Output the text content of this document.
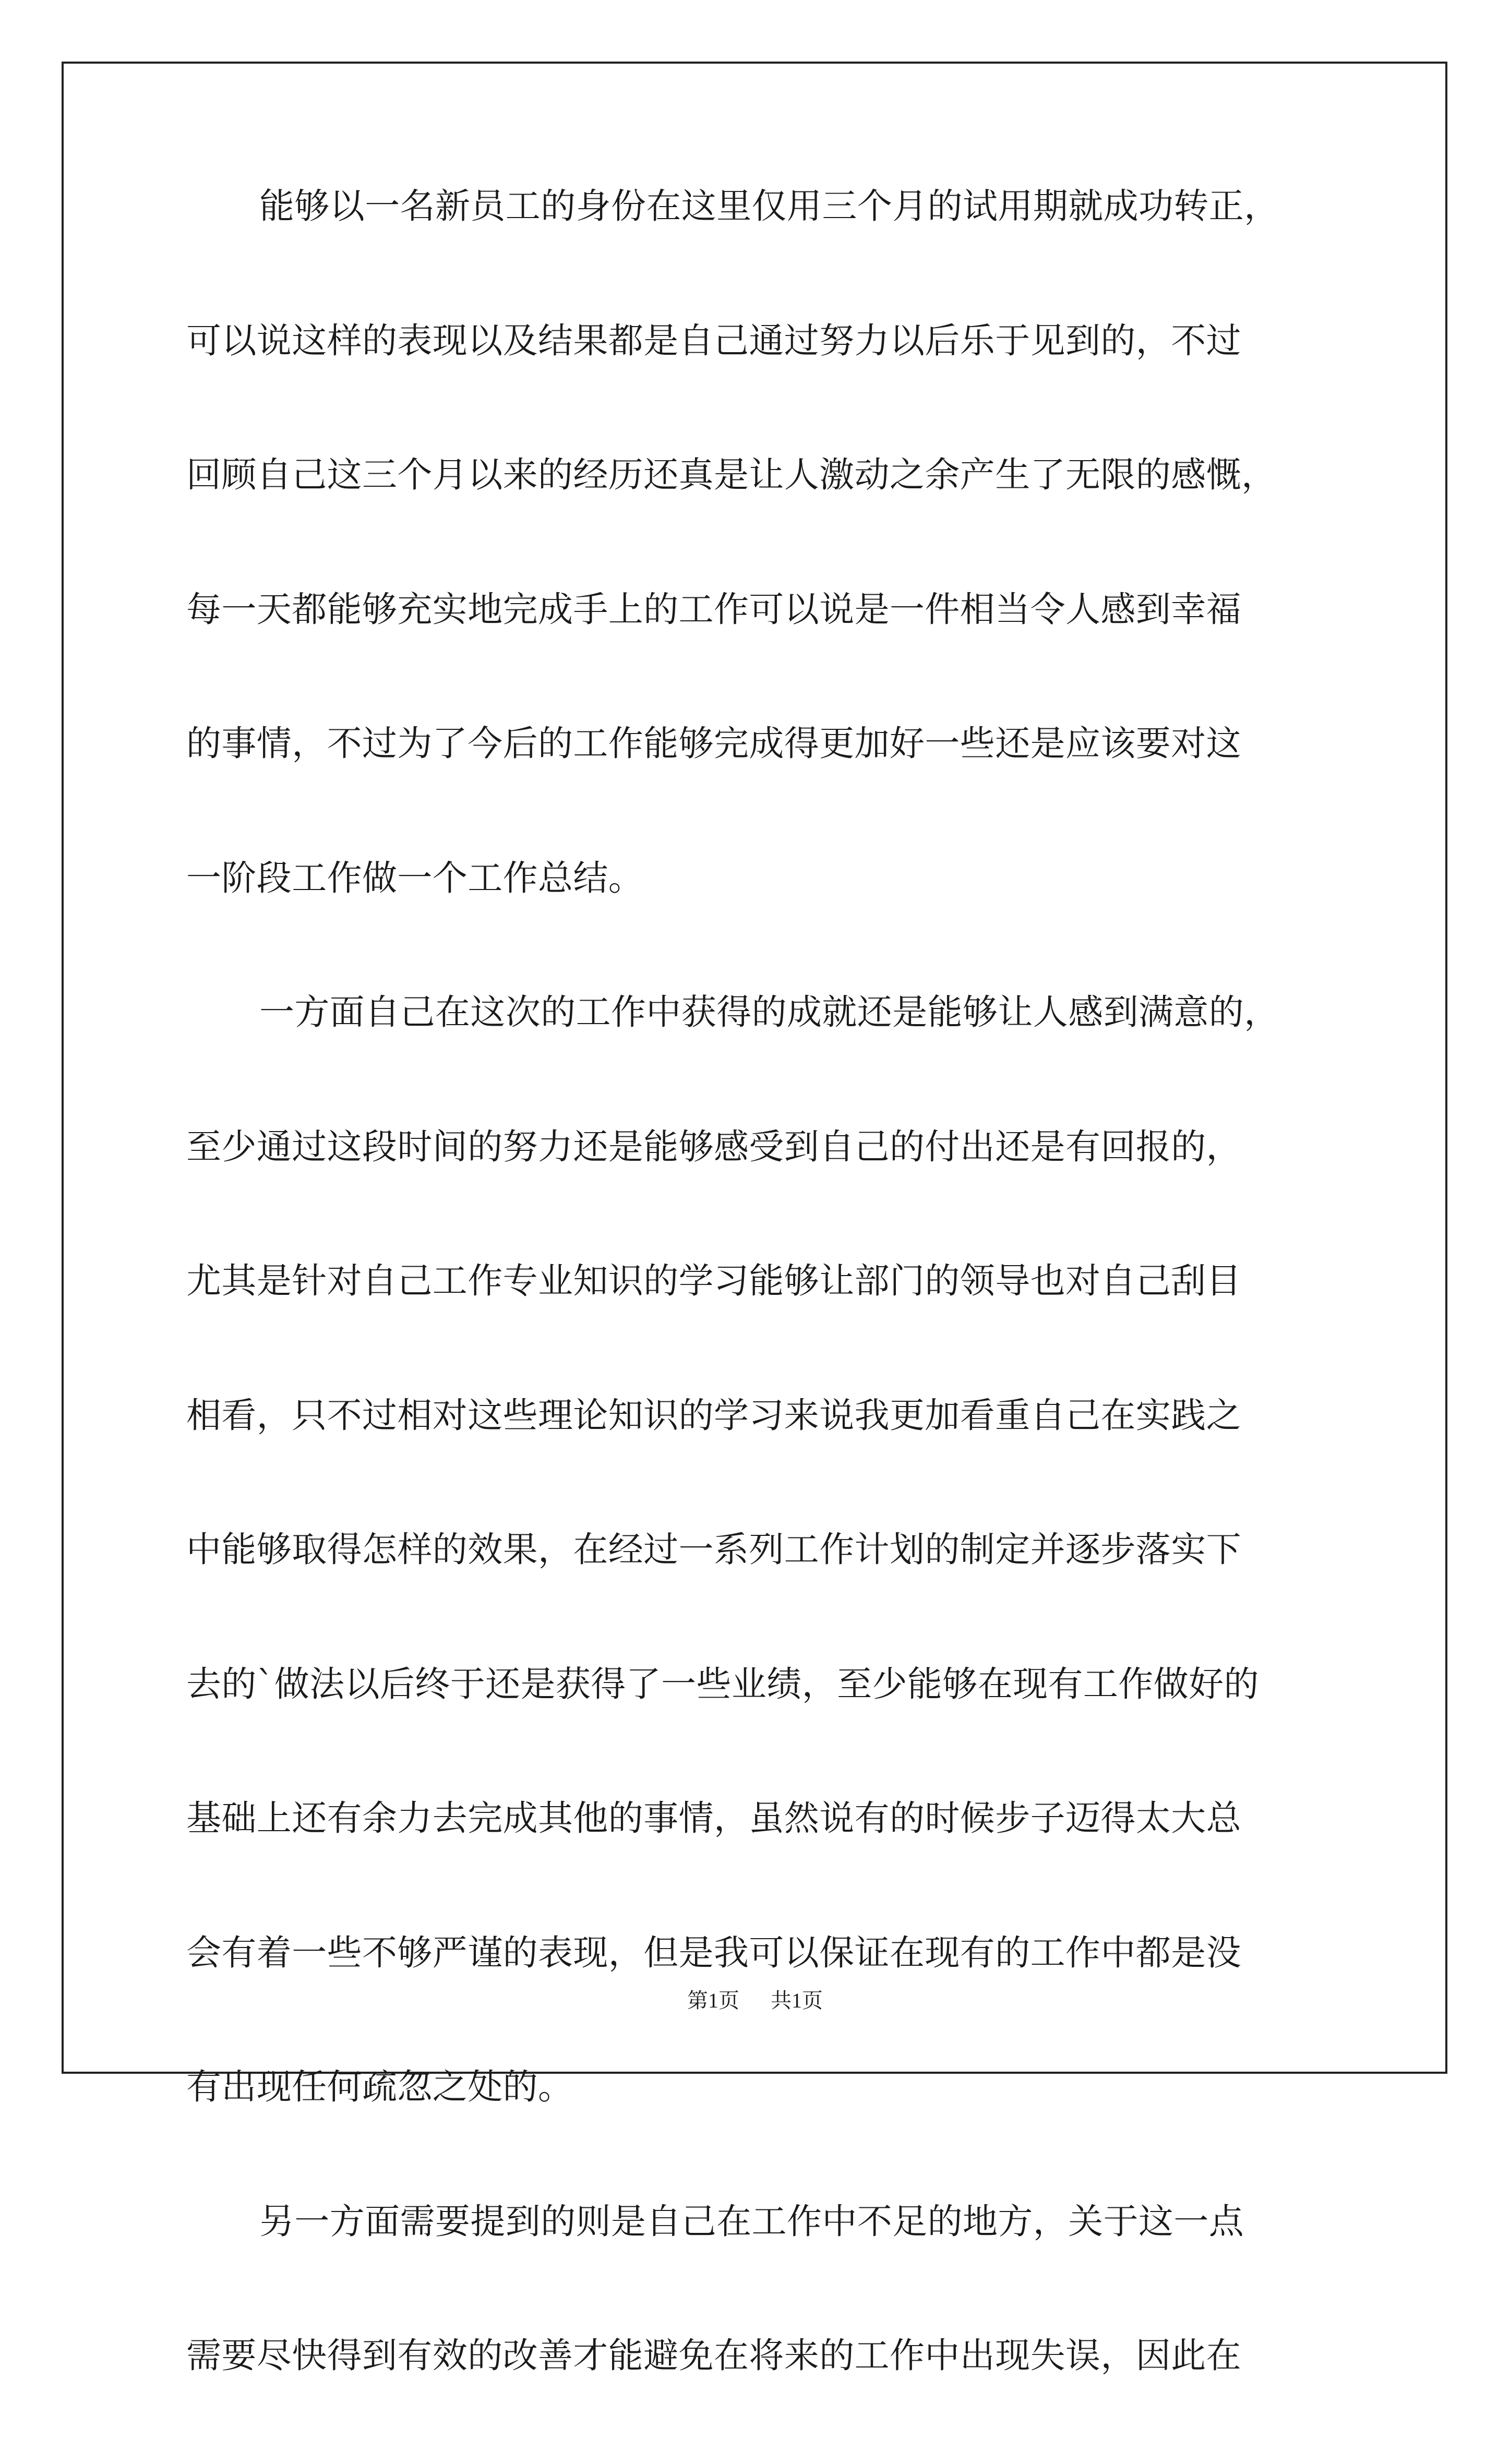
能够以一名新员工的身份在这里仅用三个月的试用期就成功转正，
可以说这样的表现以及结果都是自己通过努力以后乐于见到的，不过
回顾自己这三个月以来的经历还真是让人激动之余产生了无限的感慨，
每一天都能够充实地完成手上的工作可以说是一件相当令人感到幸福
的事情，不过为了今后的工作能够完成得更加好一些还是应该要对这
一阶段工作做一个工作总结。
一方面自己在这次的工作中获得的成就还是能够让人感到满意的，
至少通过这段时间的努力还是能够感受到自己的付出还是有回报的，
尤其是针对自己工作专业知识的学习能够让部门的领导也对自己刮目
相看，只不过相对这些理论知识的学习来说我更加看重自己在实践之
中能够取得怎样的效果，在经过一系列工作计划的制定并逐步落实下
去的`做法以后终于还是获得了一些业绩，至少能够在现有工作做好的
基础上还有余力去完成其他的事情，虽然说有的时候步子迈得太大总
会有着一些不够严谨的表现，但是我可以保证在现有的工作中都是没
有出现任何疏忽之处的。
另一方面需要提到的则是自己在工作中不足的地方，关于这一点
需要尽快得到有效的改善才能避免在将来的工作中出现失误，因此在
第1页 共1页
